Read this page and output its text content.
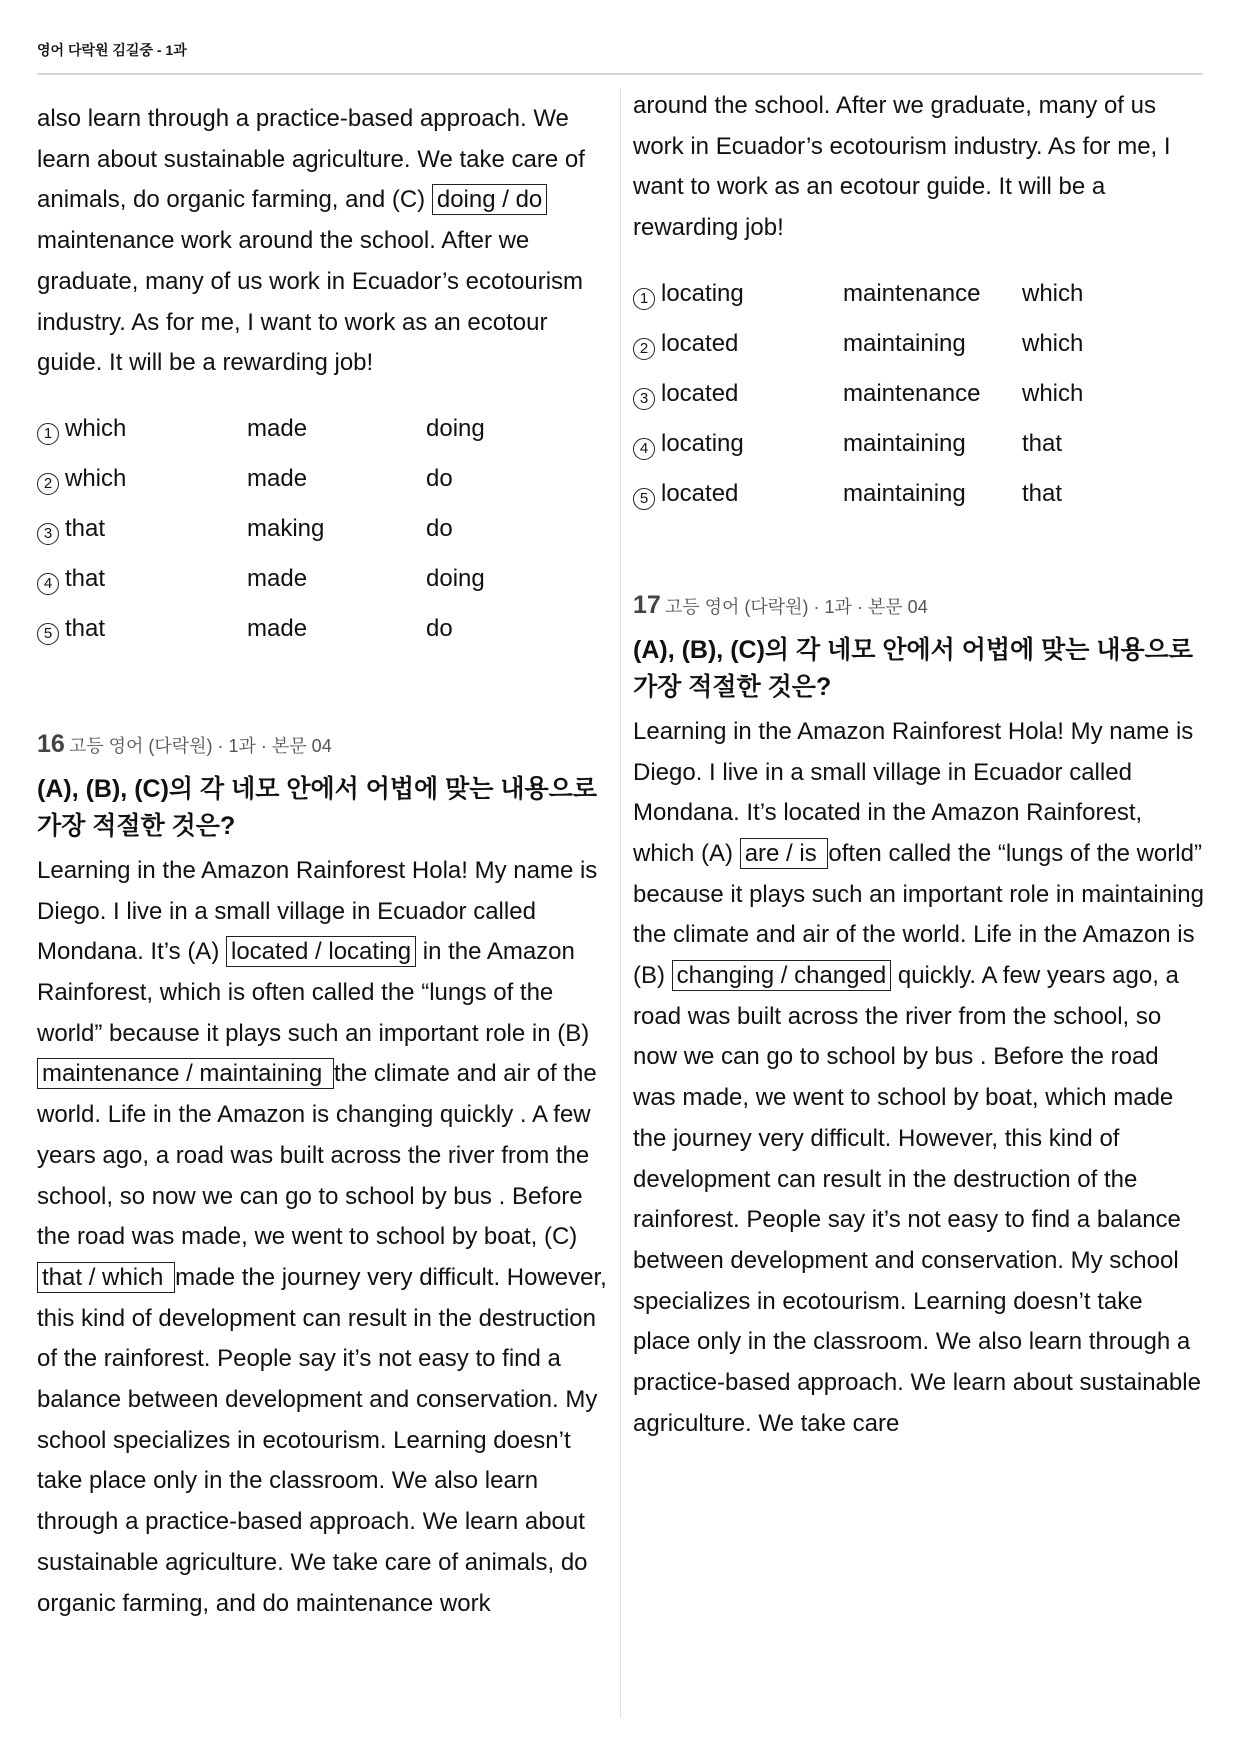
영어 다락원 김길중 - 1과

also learn through a practice-based approach. We learn about sustainable agriculture. We take care of animals, do organic farming, and (C) doing / do maintenance work around the school. After we graduate, many of us work in Ecuador’s ecotourism industry. As for me, I want to work as an ecotour guide. It will be a rewarding job!

1 which	made	doing
2 which	made	do
3 that	making	do
4 that	made	doing
5 that	made	do
16 고등 영어 (다락원) · 1과 · 본문 04
(A), (B), (C)의 각 네모 안에서 어법에 맞는 내용으로 가장 적절한 것은?

Learning in the Amazon Rainforest Hola! My name is Diego. I live in a small village in Ecuador called Mondana. It’s (A) located / locating in the Amazon Rainforest, which is often called the “lungs of the world” because it plays such an important role in (B) maintenance / maintaining the climate and air of the world. Life in the Amazon is changing quickly . A few years ago, a road was built across the river from the school, so now we can go to school by bus . Before the road was made, we went to school by boat, (C) that / which made the journey very difficult. However, this kind of development can result in the destruction of the rainforest. People say it’s not easy to find a balance between development and conservation. My school specializes in ecotourism. Learning doesn’t take place only in the classroom. We also learn through a practice-based approach. We learn about sustainable agriculture. We take care of animals, do organic farming, and do maintenance work

around the school. After we graduate, many of us work in Ecuador’s ecotourism industry. As for me, I want to work as an ecotour guide. It will be a rewarding job!

1 locating	maintenance	which
2 located	maintaining	which
3 located	maintenance	which
4 locating	maintaining	that
5 located	maintaining	that
17 고등 영어 (다락원) · 1과 · 본문 04
(A), (B), (C)의 각 네모 안에서 어법에 맞는 내용으로 가장 적절한 것은?

Learning in the Amazon Rainforest Hola! My name is Diego. I live in a small village in Ecuador called Mondana. It’s located in the Amazon Rainforest, which (A) are / is often called the “lungs of the world” because it plays such an important role in maintaining the climate and air of the world. Life in the Amazon is (B) changing / changed quickly. A few years ago, a road was built across the river from the school, so now we can go to school by bus . Before the road was made, we went to school by boat, which made the journey very difficult. However, this kind of development can result in the destruction of the rainforest. People say it’s not easy to find a balance between development and conservation. My school specializes in ecotourism. Learning doesn’t take place only in the classroom. We also learn through a practice-based approach. We learn about sustainable agriculture. We take care
